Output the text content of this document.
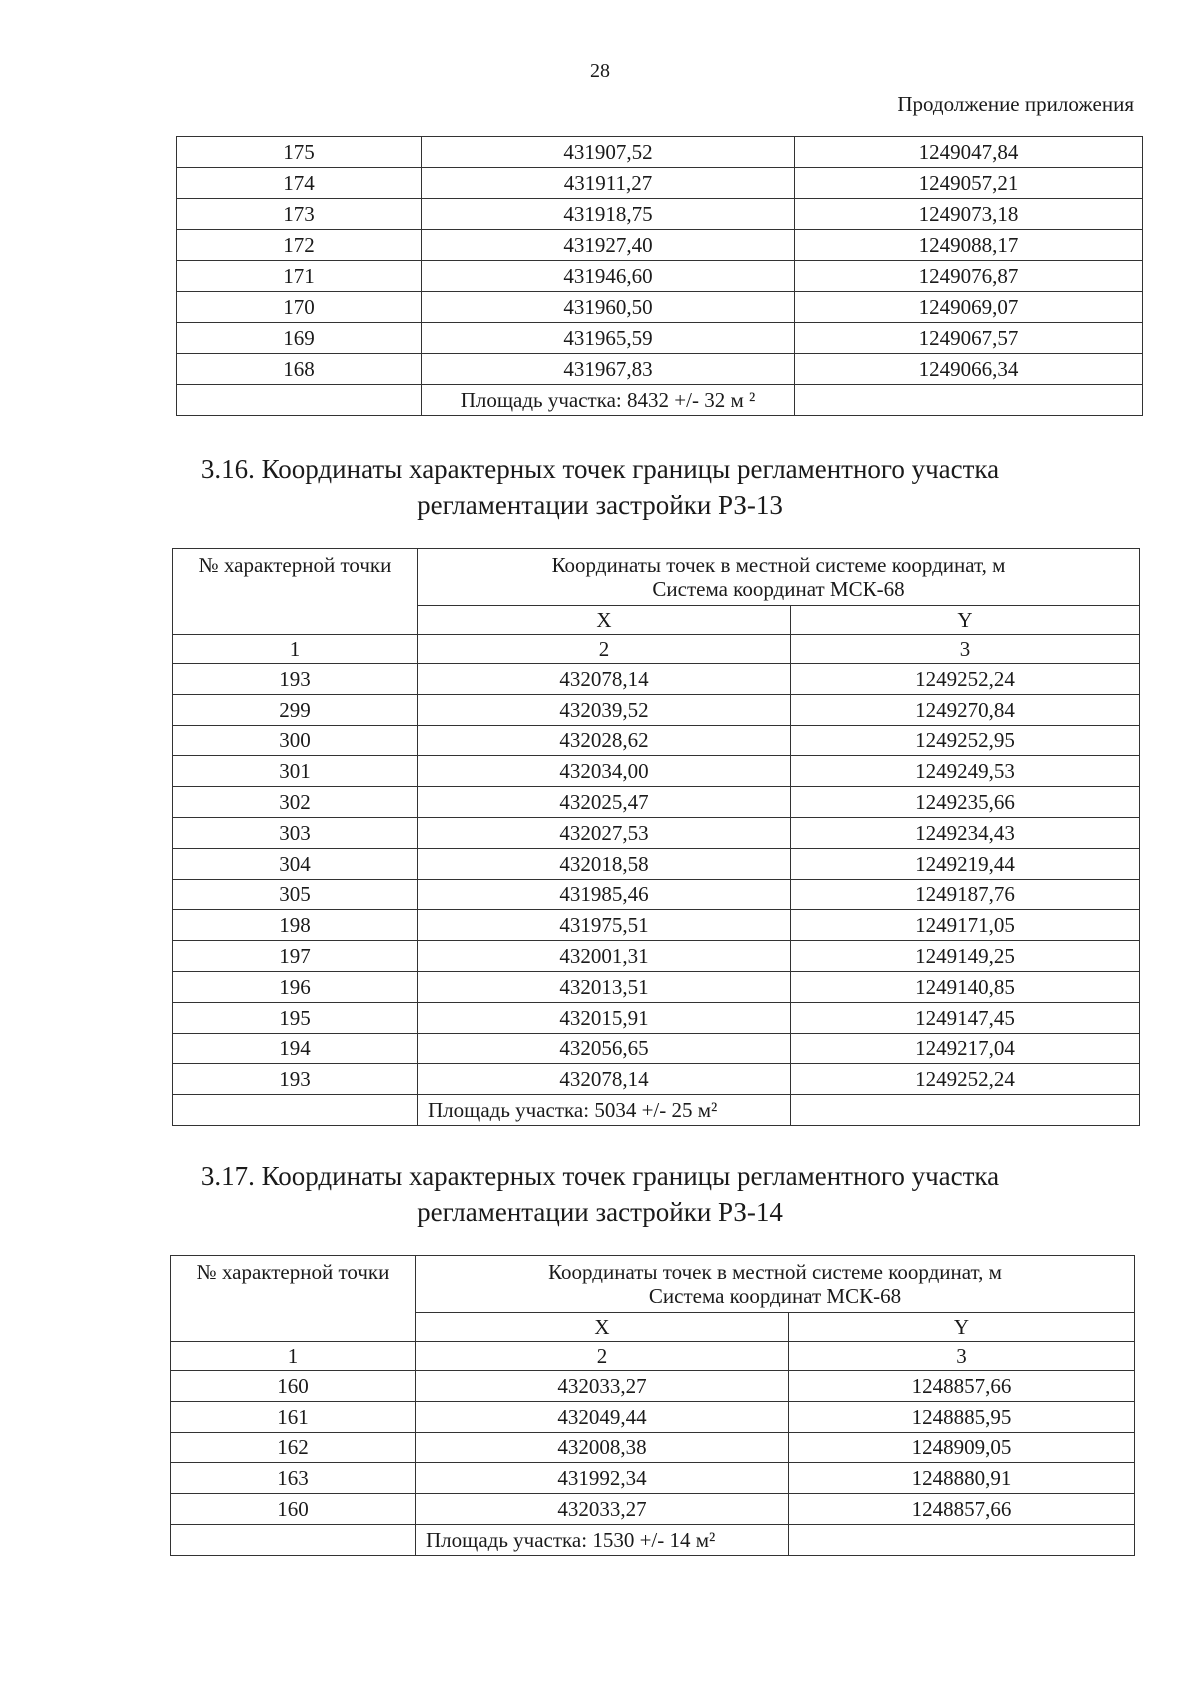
28
Продолжение приложения
175	431907,52	1249047,84
174	431911,27	1249057,21
173	431918,75	1249073,18
172	431927,40	1249088,17
171	431946,60	1249076,87
170	431960,50	1249069,07
169	431965,59	1249067,57
168	431967,83	1249066,34
	Площадь участка: 8432 +/- 32 м ²	
3.16. Координаты характерных точек границы регламентного участка
регламентации застройки РЗ-13
№ характерной точки	Координаты точек в местной системе координат, м
Система координат МСК-68	

	X	Y
1	2	3
193	432078,14	1249252,24
299	432039,52	1249270,84
300	432028,62	1249252,95
301	432034,00	1249249,53
302	432025,47	1249235,66
303	432027,53	1249234,43
304	432018,58	1249219,44
305	431985,46	1249187,76
198	431975,51	1249171,05
197	432001,31	1249149,25
196	432013,51	1249140,85
195	432015,91	1249147,45
194	432056,65	1249217,04
193	432078,14	1249252,24
	Площадь участка: 5034 +/- 25 м²	
3.17. Координаты характерных точек границы регламентного участка
регламентации застройки РЗ-14
№ характерной точки	Координаты точек в местной системе координат, м
Система координат МСК-68	

	X	Y
1	2	3
160	432033,27	1248857,66
161	432049,44	1248885,95
162	432008,38	1248909,05
163	431992,34	1248880,91
160	432033,27	1248857,66
	Площадь участка: 1530 +/- 14 м²	
